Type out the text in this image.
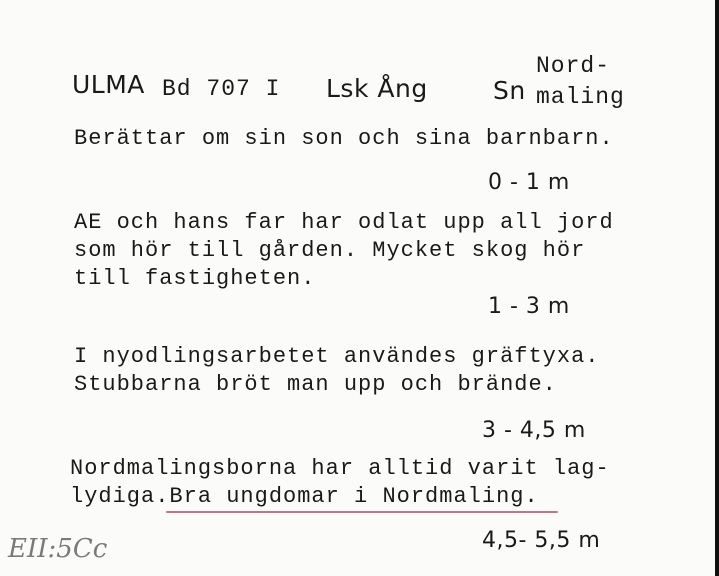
ULMA Bd 707 I Lsk Ång	Sn
Nord-
maling
Berättar om sin son och sina barnbarn.
0 - 1 m
AE och hans far har odlat upp all jord
som hör till gården. Mycket skog hör
till fastigheten.
1 - 3 m
I nyodlingsarbetet användes gräftyxa.
Stubbarna bröt man upp och brände.
3 - 4,5 m
Nordmalingsborna har alltid varit lag-
lydiga.Bra ungdomar i Nordmaling.
4,5- 5,5 m
EII:5Cc
